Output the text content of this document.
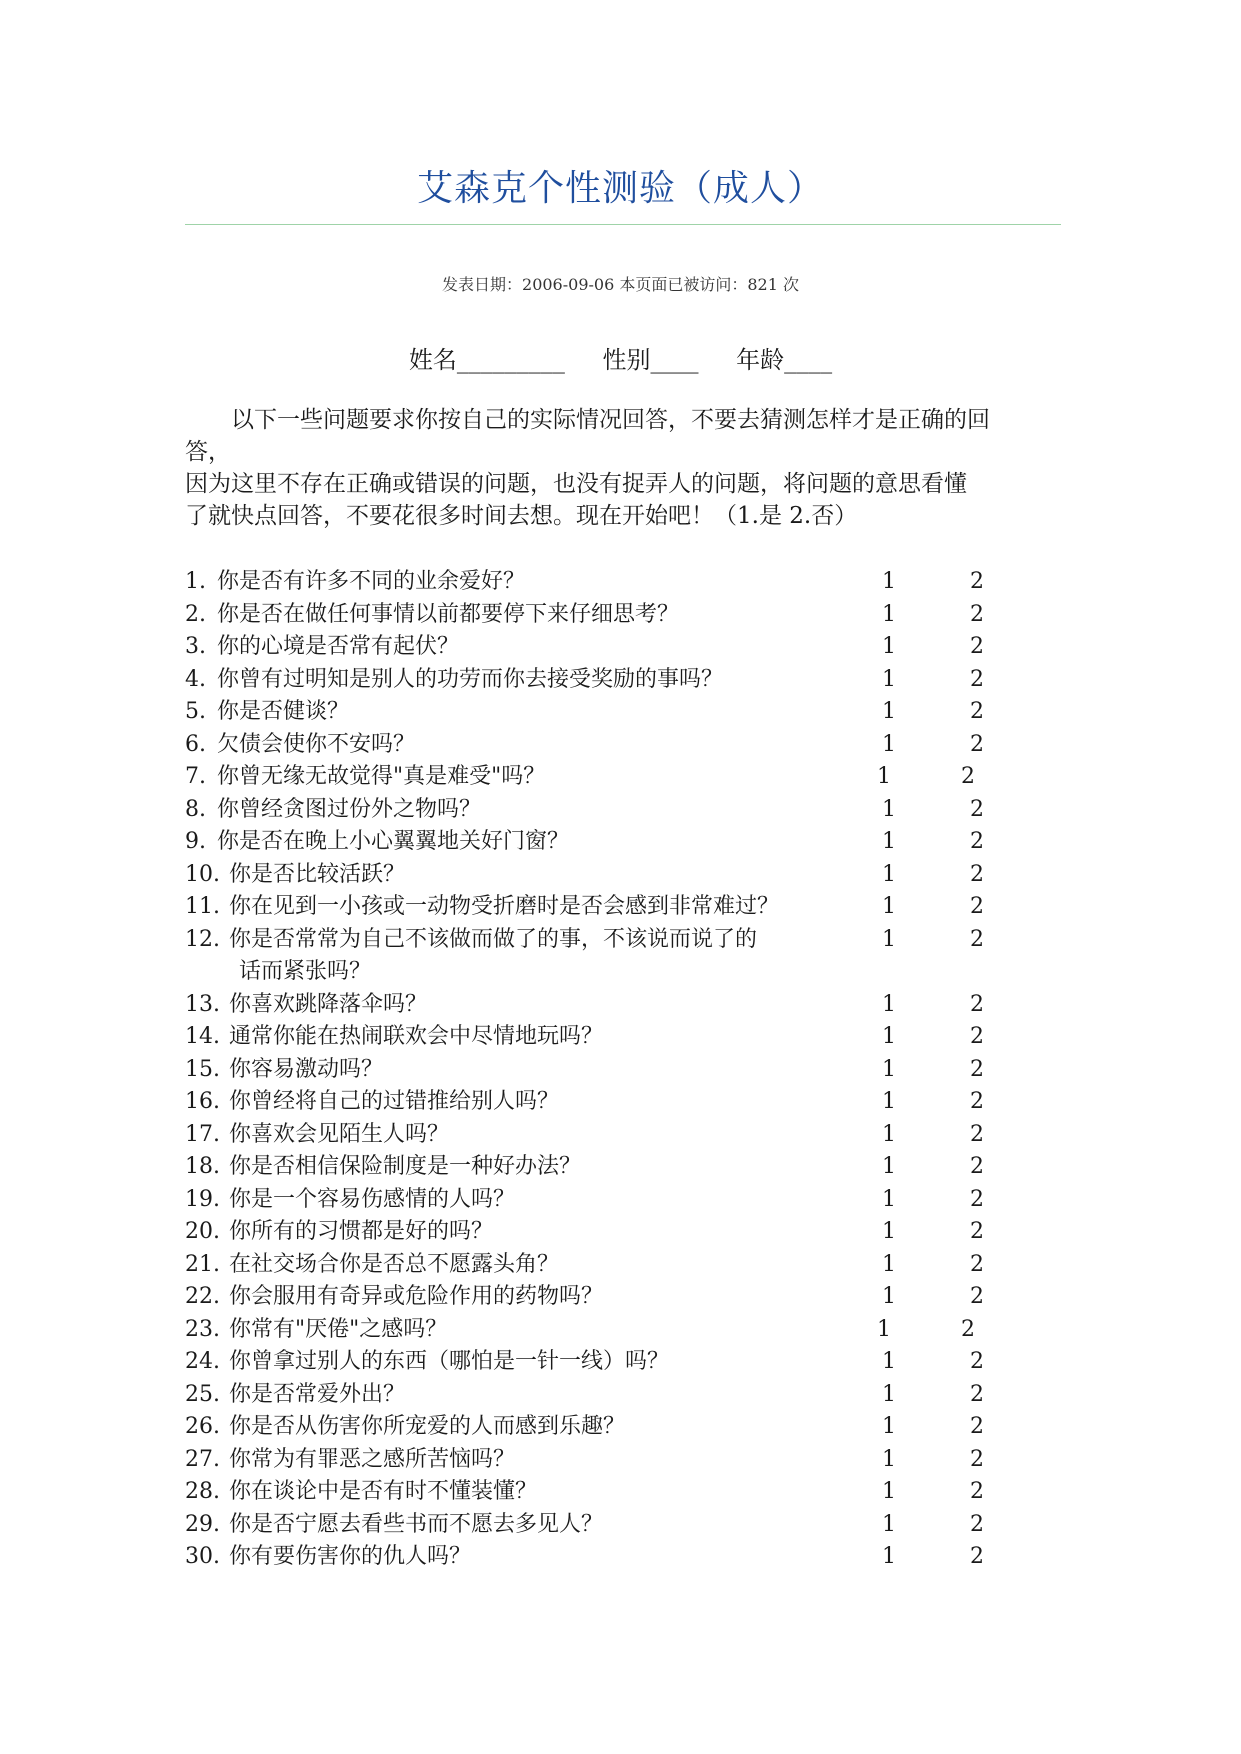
艾森克个性测验（成人）
发表日期：2006-09-06 本页面已被访问：821 次
姓名_________ 性别____ 年龄____

以下一些问题要求你按自己的实际情况回答，不要去猜测怎样才是正确的回

答，

因为这里不存在正确或错误的问题，也没有捉弄人的问题，将问题的意思看懂

了就快点回答，不要花很多时间去想。现在开始吧！（1.是 2.否）

1. 你是否有许多不同的业余爱好？	1	2
2. 你是否在做任何事情以前都要停下来仔细思考？	1	2
3. 你的心境是否常有起伏？	1	2
4. 你曾有过明知是别人的功劳而你去接受奖励的事吗？	1	2
5. 你是否健谈？	1	2
6. 欠债会使你不安吗？	1	2
7. 你曾无缘无故觉得"真是难受"吗？	1	2
8. 你曾经贪图过份外之物吗？	1	2
9. 你是否在晚上小心翼翼地关好门窗？	1	2
10. 你是否比较活跃？	1	2
11. 你在见到一小孩或一动物受折磨时是否会感到非常难过？	1	2
12. 你是否常常为自己不该做而做了的事，不该说而说了的	1	2
话而紧张吗？
13. 你喜欢跳降落伞吗？	1	2
14. 通常你能在热闹联欢会中尽情地玩吗？	1	2
15. 你容易激动吗？	1	2
16. 你曾经将自己的过错推给别人吗？	1	2
17. 你喜欢会见陌生人吗？	1	2
18. 你是否相信保险制度是一种好办法？	1	2
19. 你是一个容易伤感情的人吗？	1	2
20. 你所有的习惯都是好的吗？	1	2
21. 在社交场合你是否总不愿露头角？	1	2
22. 你会服用有奇异或危险作用的药物吗？	1	2
23. 你常有"厌倦"之感吗？	1	2
24. 你曾拿过别人的东西（哪怕是一针一线）吗？	1	2
25. 你是否常爱外出？	1	2
26. 你是否从伤害你所宠爱的人而感到乐趣？	1	2
27. 你常为有罪恶之感所苦恼吗？	1	2
28. 你在谈论中是否有时不懂装懂？	1	2
29. 你是否宁愿去看些书而不愿去多见人？	1	2
30. 你有要伤害你的仇人吗？	1	2
